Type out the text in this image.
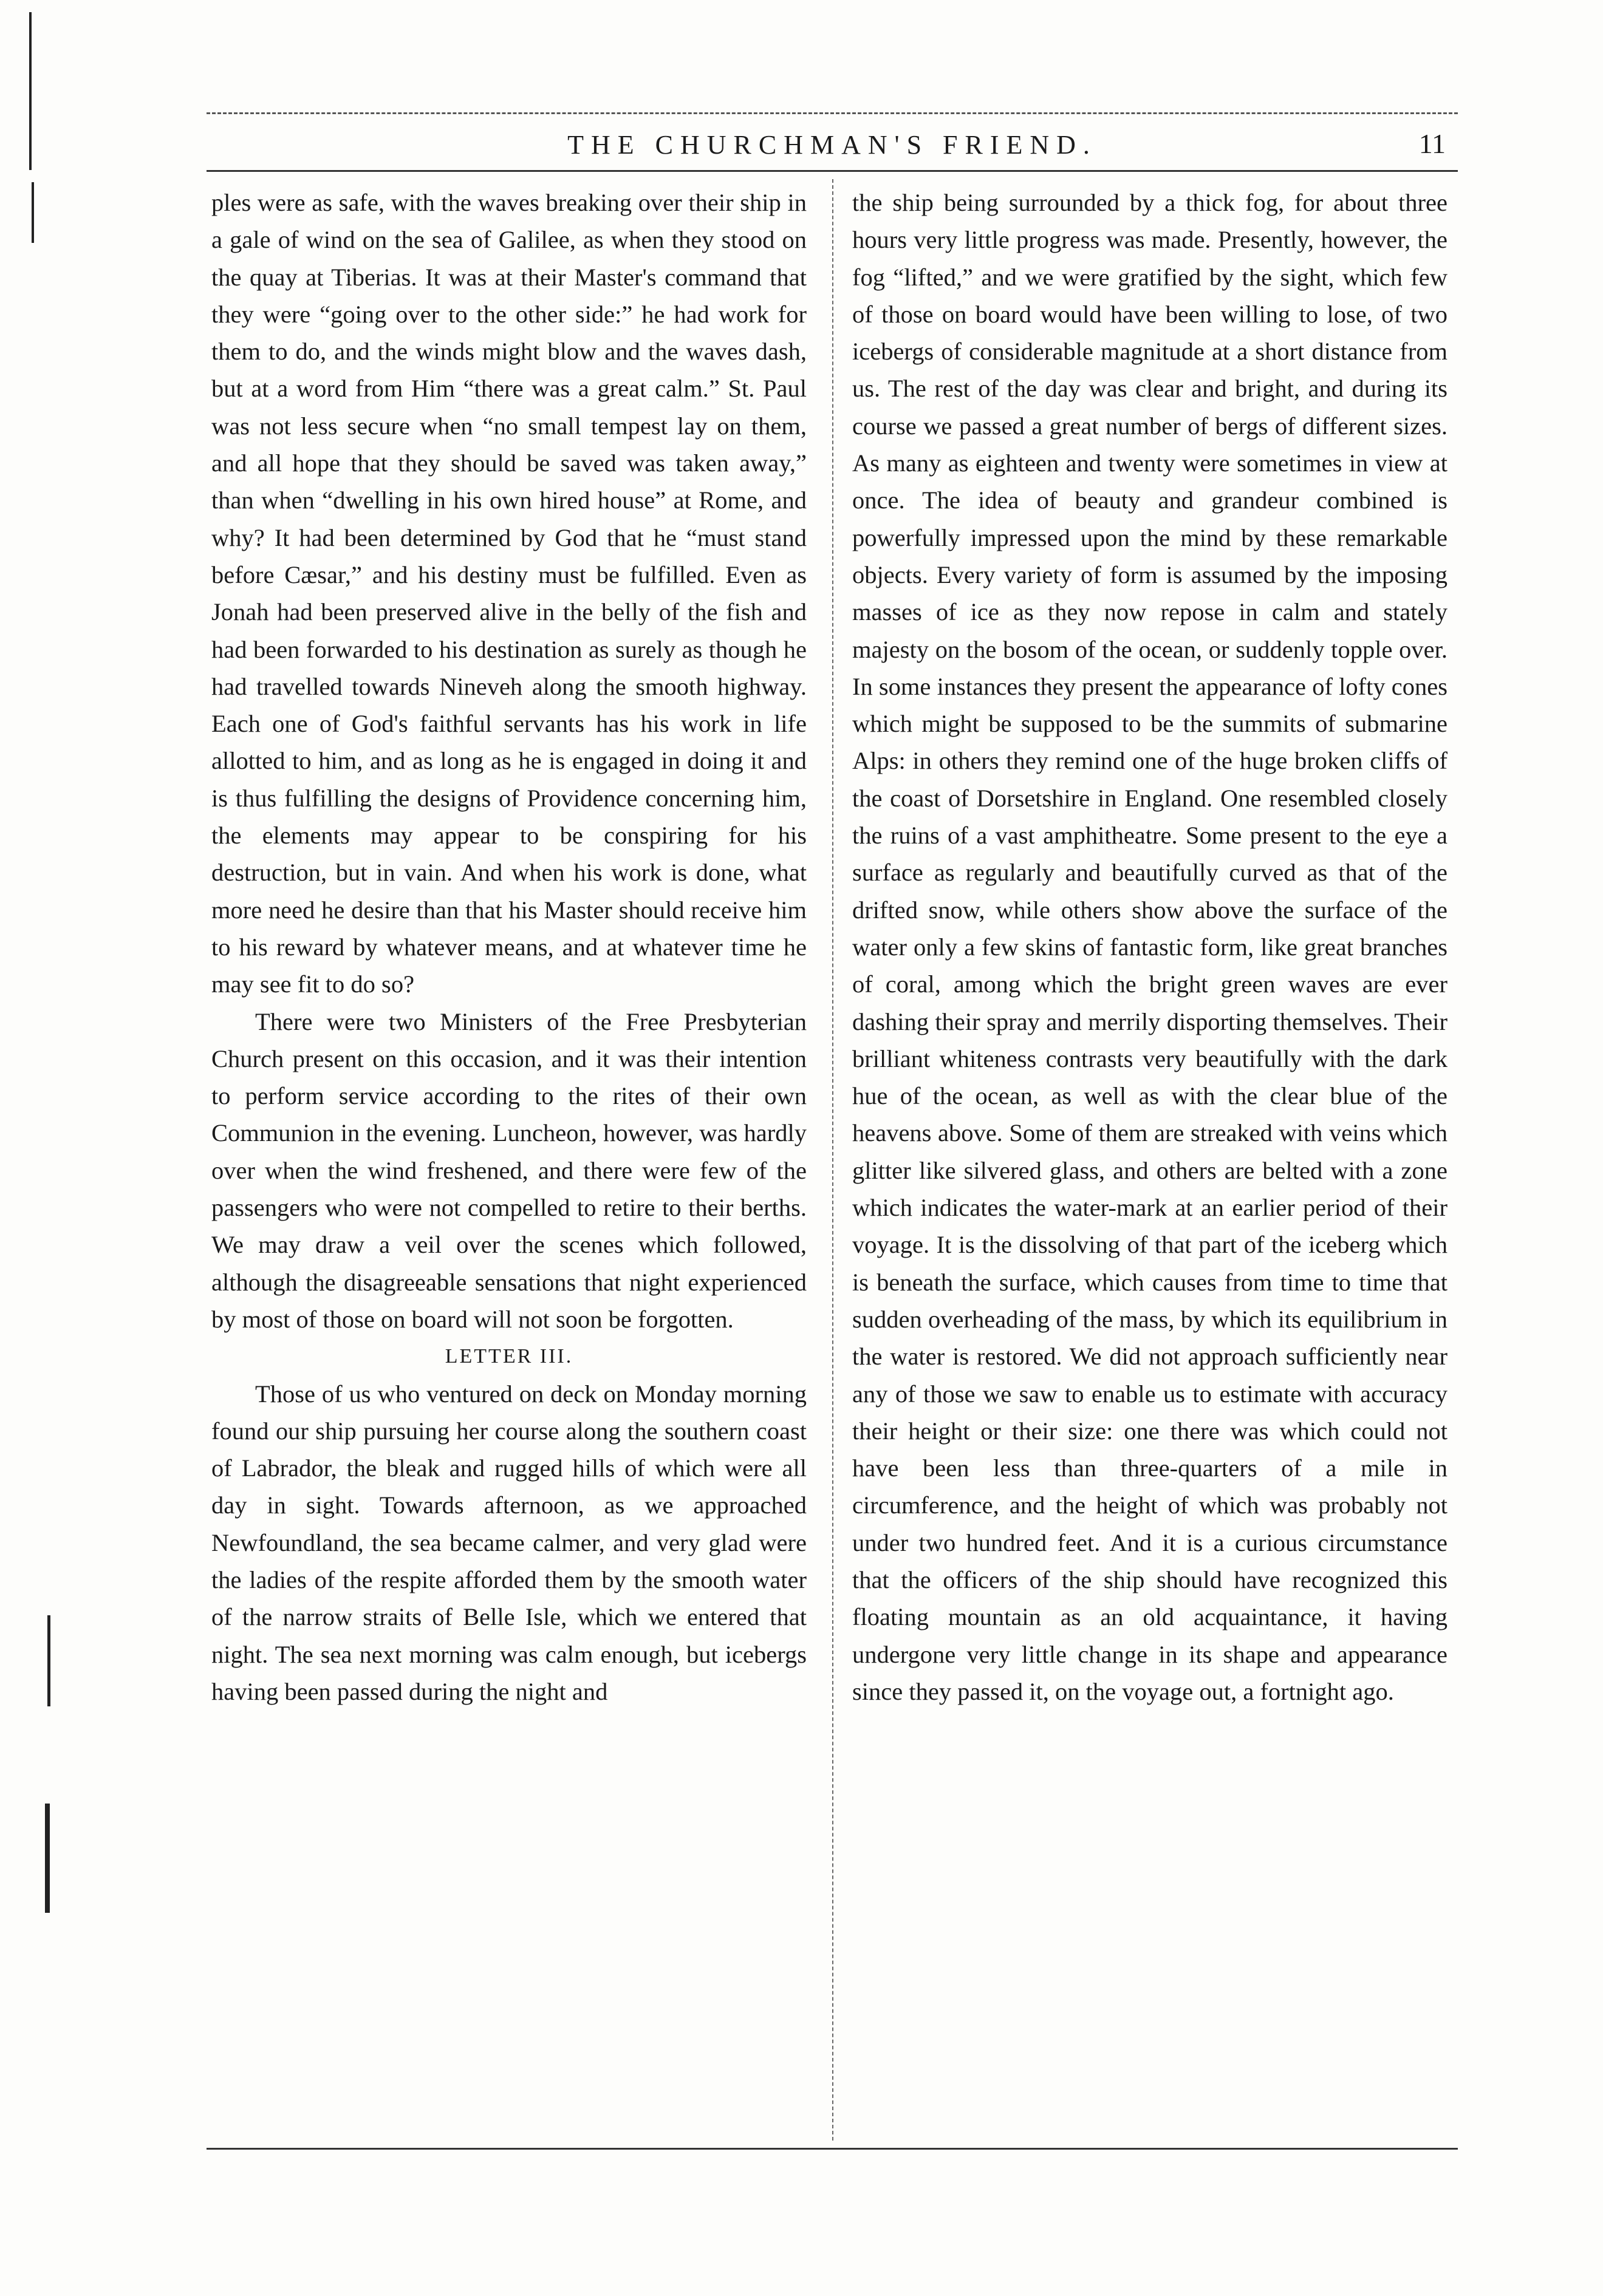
THE CHURCHMAN'S FRIEND.	11

ples were as safe, with the waves breaking over their ship in a gale of wind on the sea of Galilee, as when they stood on the quay at Tiberias. It was at their Master's command that they were “going over to the other side:” he had work for them to do, and the winds might blow and the waves dash, but at a word from Him “there was a great calm.” St. Paul was not less secure when “no small tempest lay on them, and all hope that they should be saved was taken away,” than when “dwelling in his own hired house” at Rome, and why? It had been determined by God that he “must stand before Cæsar,” and his destiny must be fulfilled. Even as Jonah had been preserved alive in the belly of the fish and had been forwarded to his destination as surely as though he had travelled towards Nineveh along the smooth highway. Each one of God's faithful servants has his work in life allotted to him, and as long as he is engaged in doing it and is thus fulfilling the designs of Providence concerning him, the elements may appear to be conspiring for his destruction, but in vain. And when his work is done, what more need he desire than that his Master should receive him to his reward by whatever means, and at whatever time he may see fit to do so?

There were two Ministers of the Free Presbyterian Church present on this occasion, and it was their intention to perform service according to the rites of their own Communion in the evening. Luncheon, however, was hardly over when the wind freshened, and there were few of the passengers who were not compelled to retire to their berths. We may draw a veil over the scenes which followed, although the disagreeable sensations that night experienced by most of those on board will not soon be forgotten.

LETTER III.

Those of us who ventured on deck on Monday morning found our ship pursuing her course along the southern coast of Labrador, the bleak and rugged hills of which were all day in sight. Towards afternoon, as we approached Newfoundland, the sea became calmer, and very glad were the ladies of the respite afforded them by the smooth water of the narrow straits of Belle Isle, which we entered that night. The sea next morning was calm enough, but icebergs having been passed during the night and

the ship being surrounded by a thick fog, for about three hours very little progress was made. Presently, however, the fog “lifted,” and we were gratified by the sight, which few of those on board would have been willing to lose, of two icebergs of considerable magnitude at a short distance from us. The rest of the day was clear and bright, and during its course we passed a great number of bergs of different sizes. As many as eighteen and twenty were sometimes in view at once. The idea of beauty and grandeur combined is powerfully impressed upon the mind by these remarkable objects. Every variety of form is assumed by the imposing masses of ice as they now repose in calm and stately majesty on the bosom of the ocean, or suddenly topple over. In some instances they present the appearance of lofty cones which might be supposed to be the summits of submarine Alps: in others they remind one of the huge broken cliffs of the coast of Dorsetshire in England. One resembled closely the ruins of a vast amphitheatre. Some present to the eye a surface as regularly and beautifully curved as that of the drifted snow, while others show above the surface of the water only a few skins of fantastic form, like great branches of coral, among which the bright green waves are ever dashing their spray and merrily disporting themselves. Their brilliant whiteness contrasts very beautifully with the dark hue of the ocean, as well as with the clear blue of the heavens above. Some of them are streaked with veins which glitter like silvered glass, and others are belted with a zone which indicates the water-mark at an earlier period of their voyage. It is the dissolving of that part of the iceberg which is beneath the surface, which causes from time to time that sudden overheading of the mass, by which its equilibrium in the water is restored. We did not approach sufficiently near any of those we saw to enable us to estimate with accuracy their height or their size: one there was which could not have been less than three-quarters of a mile in circumference, and the height of which was probably not under two hundred feet. And it is a curious circumstance that the officers of the ship should have recognized this floating mountain as an old acquaintance, it having undergone very little change in its shape and appearance since they passed it, on the voyage out, a fortnight ago.
